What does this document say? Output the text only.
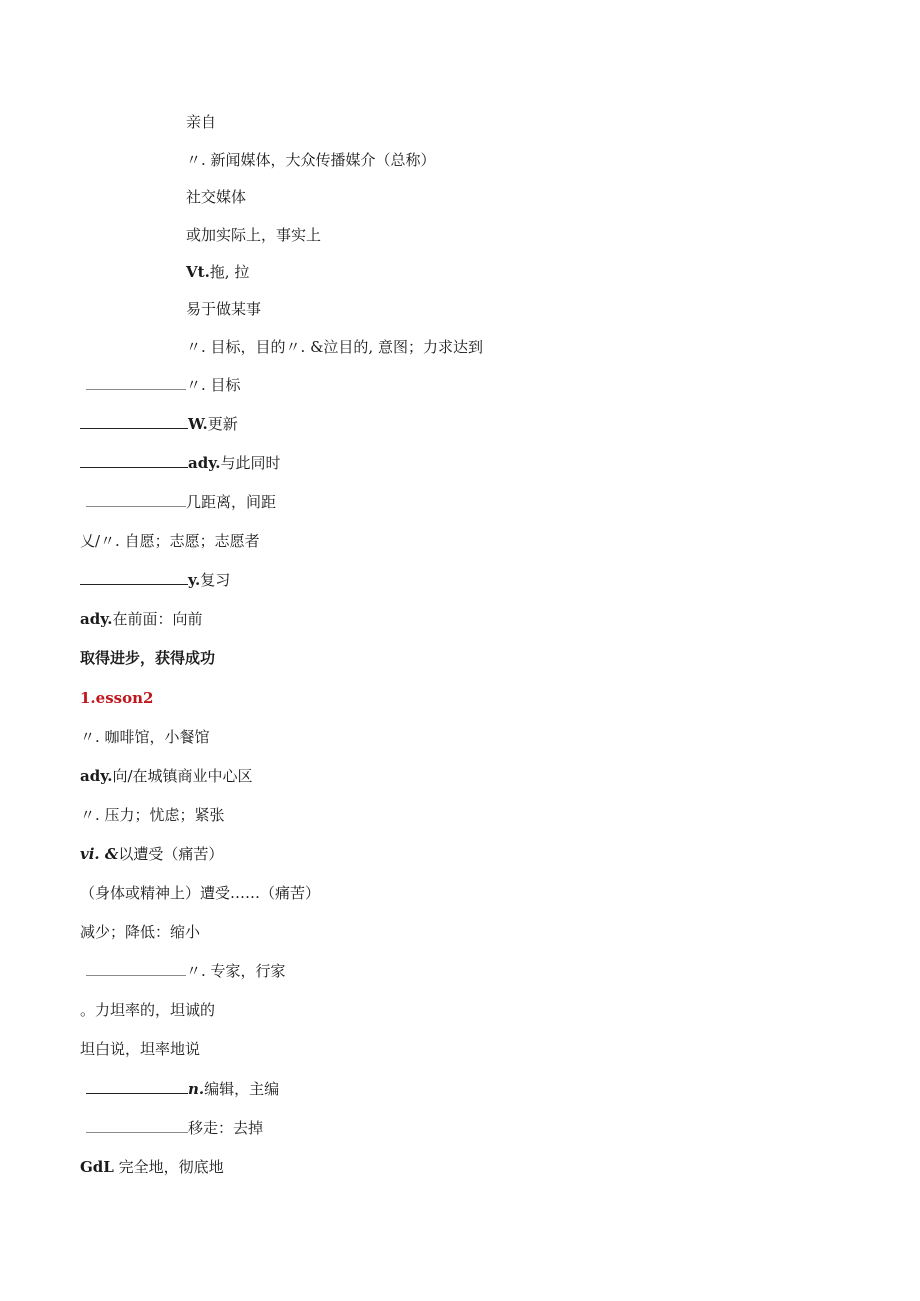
亲自
〃. 新闻媒体，大众传播媒介（总称）
社交媒体
或加实际上，事实上
Vt.拖, 拉
易于做某事
〃. 目标，目的〃. &泣目的, 意图；力求达到
〃. 目标
W.更新
ady.与此同时
几距离，间距
乂/〃. 自愿；志愿；志愿者
y.复习
ady.在前面：向前
取得进步，获得成功
1.esson2
〃. 咖啡馆，小餐馆
ady.向/在城镇商业中心区
〃. 压力；忧虑；紧张
vi. &以遭受（痛苦）
（身体或精神上）遭受……（痛苦）
减少；降低：缩小
〃. 专家，行家
。力坦率的，坦诚的
坦白说，坦率地说
n.编辑，主编
移走：去掉
GdL 完全地，彻底地
